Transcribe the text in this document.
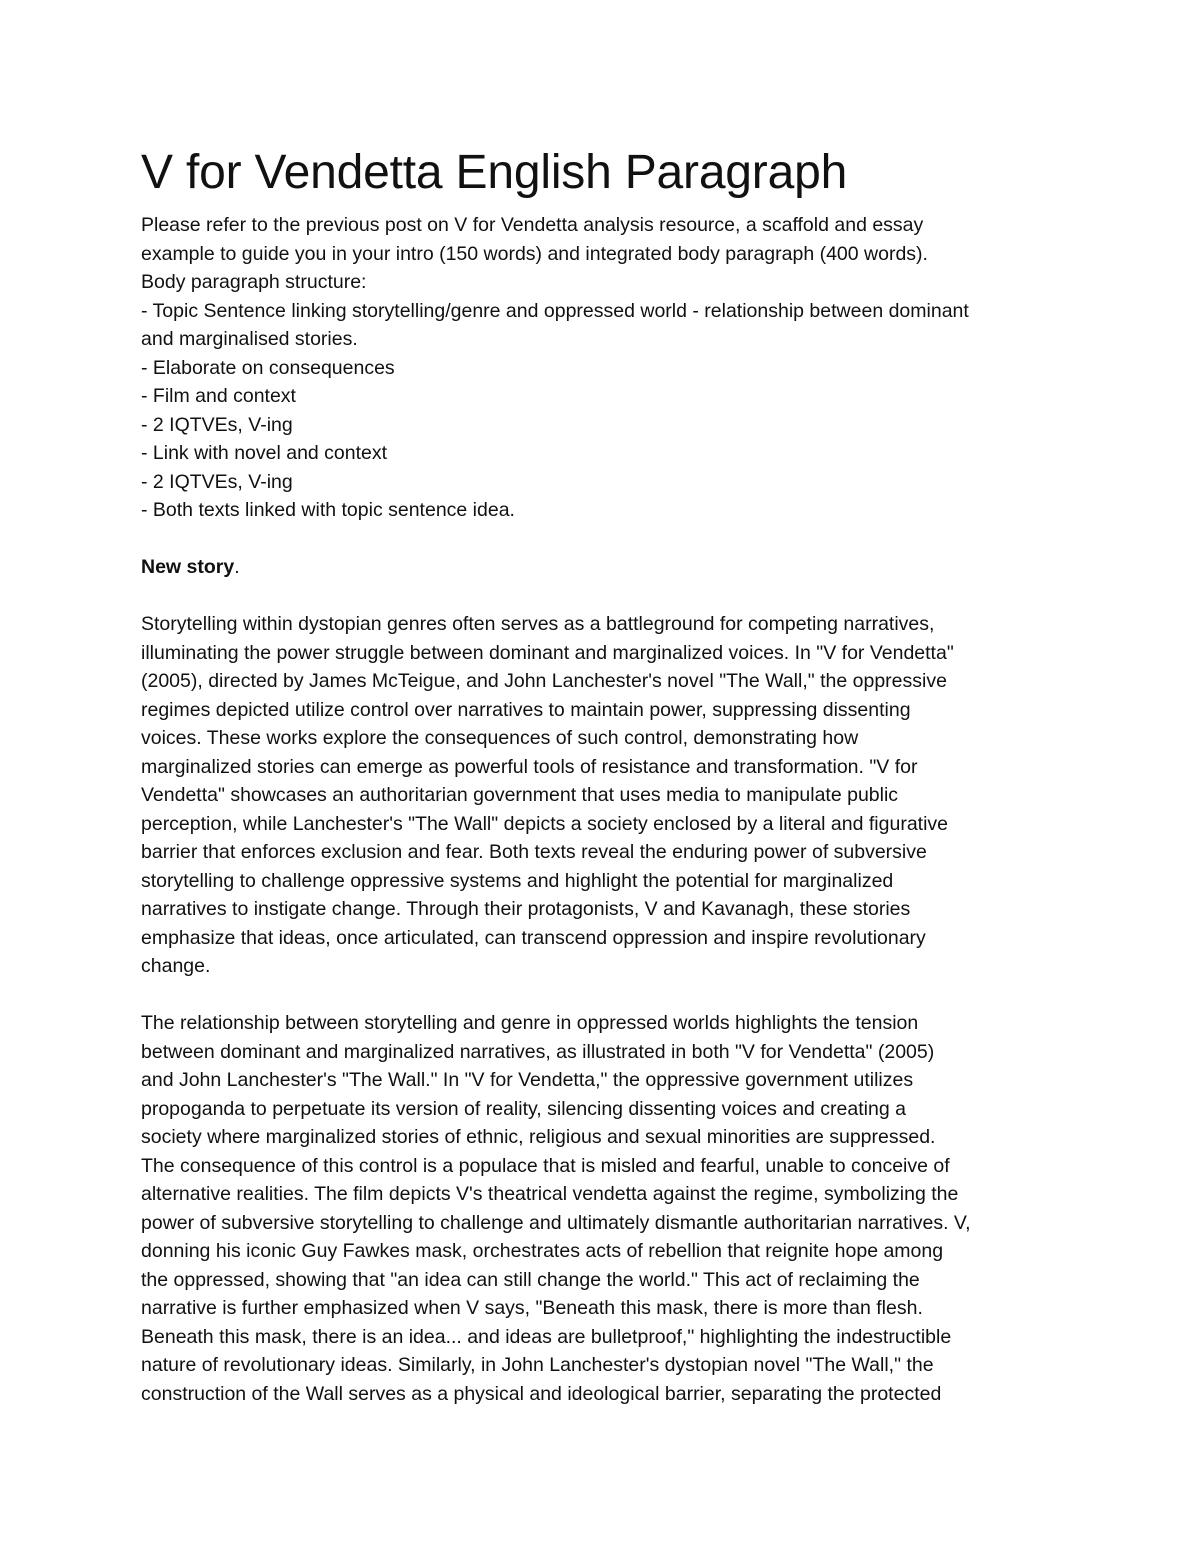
V for Vendetta English Paragraph
Please refer to the previous post on V for Vendetta analysis resource, a scaffold and essay
example to guide you in your intro (150 words) and integrated body paragraph (400 words).
Body paragraph structure:
- Topic Sentence linking storytelling/genre and oppressed world - relationship between dominant
and marginalised stories.
- Elaborate on consequences
- Film and context
- 2 IQTVEs, V-ing
- Link with novel and context
- 2 IQTVEs, V-ing
- Both texts linked with topic sentence idea.

New story.

Storytelling within dystopian genres often serves as a battleground for competing narratives,
illuminating the power struggle between dominant and marginalized voices. In "V for Vendetta"
(2005), directed by James McTeigue, and John Lanchester's novel "The Wall," the oppressive
regimes depicted utilize control over narratives to maintain power, suppressing dissenting
voices. These works explore the consequences of such control, demonstrating how
marginalized stories can emerge as powerful tools of resistance and transformation. "V for
Vendetta" showcases an authoritarian government that uses media to manipulate public
perception, while Lanchester's "The Wall" depicts a society enclosed by a literal and figurative
barrier that enforces exclusion and fear. Both texts reveal the enduring power of subversive
storytelling to challenge oppressive systems and highlight the potential for marginalized
narratives to instigate change. Through their protagonists, V and Kavanagh, these stories
emphasize that ideas, once articulated, can transcend oppression and inspire revolutionary
change.
The relationship between storytelling and genre in oppressed worlds highlights the tension
between dominant and marginalized narratives, as illustrated in both "V for Vendetta" (2005)
and John Lanchester's "The Wall." In "V for Vendetta," the oppressive government utilizes
propoganda to perpetuate its version of reality, silencing dissenting voices and creating a
society where marginalized stories of ethnic, religious and sexual minorities are suppressed.
The consequence of this control is a populace that is misled and fearful, unable to conceive of
alternative realities. The film depicts V's theatrical vendetta against the regime, symbolizing the
power of subversive storytelling to challenge and ultimately dismantle authoritarian narratives. V,
donning his iconic Guy Fawkes mask, orchestrates acts of rebellion that reignite hope among
the oppressed, showing that "an idea can still change the world." This act of reclaiming the
narrative is further emphasized when V says, "Beneath this mask, there is more than flesh.
Beneath this mask, there is an idea... and ideas are bulletproof," highlighting the indestructible
nature of revolutionary ideas. Similarly, in John Lanchester's dystopian novel "The Wall," the
construction of the Wall serves as a physical and ideological barrier, separating the protected
